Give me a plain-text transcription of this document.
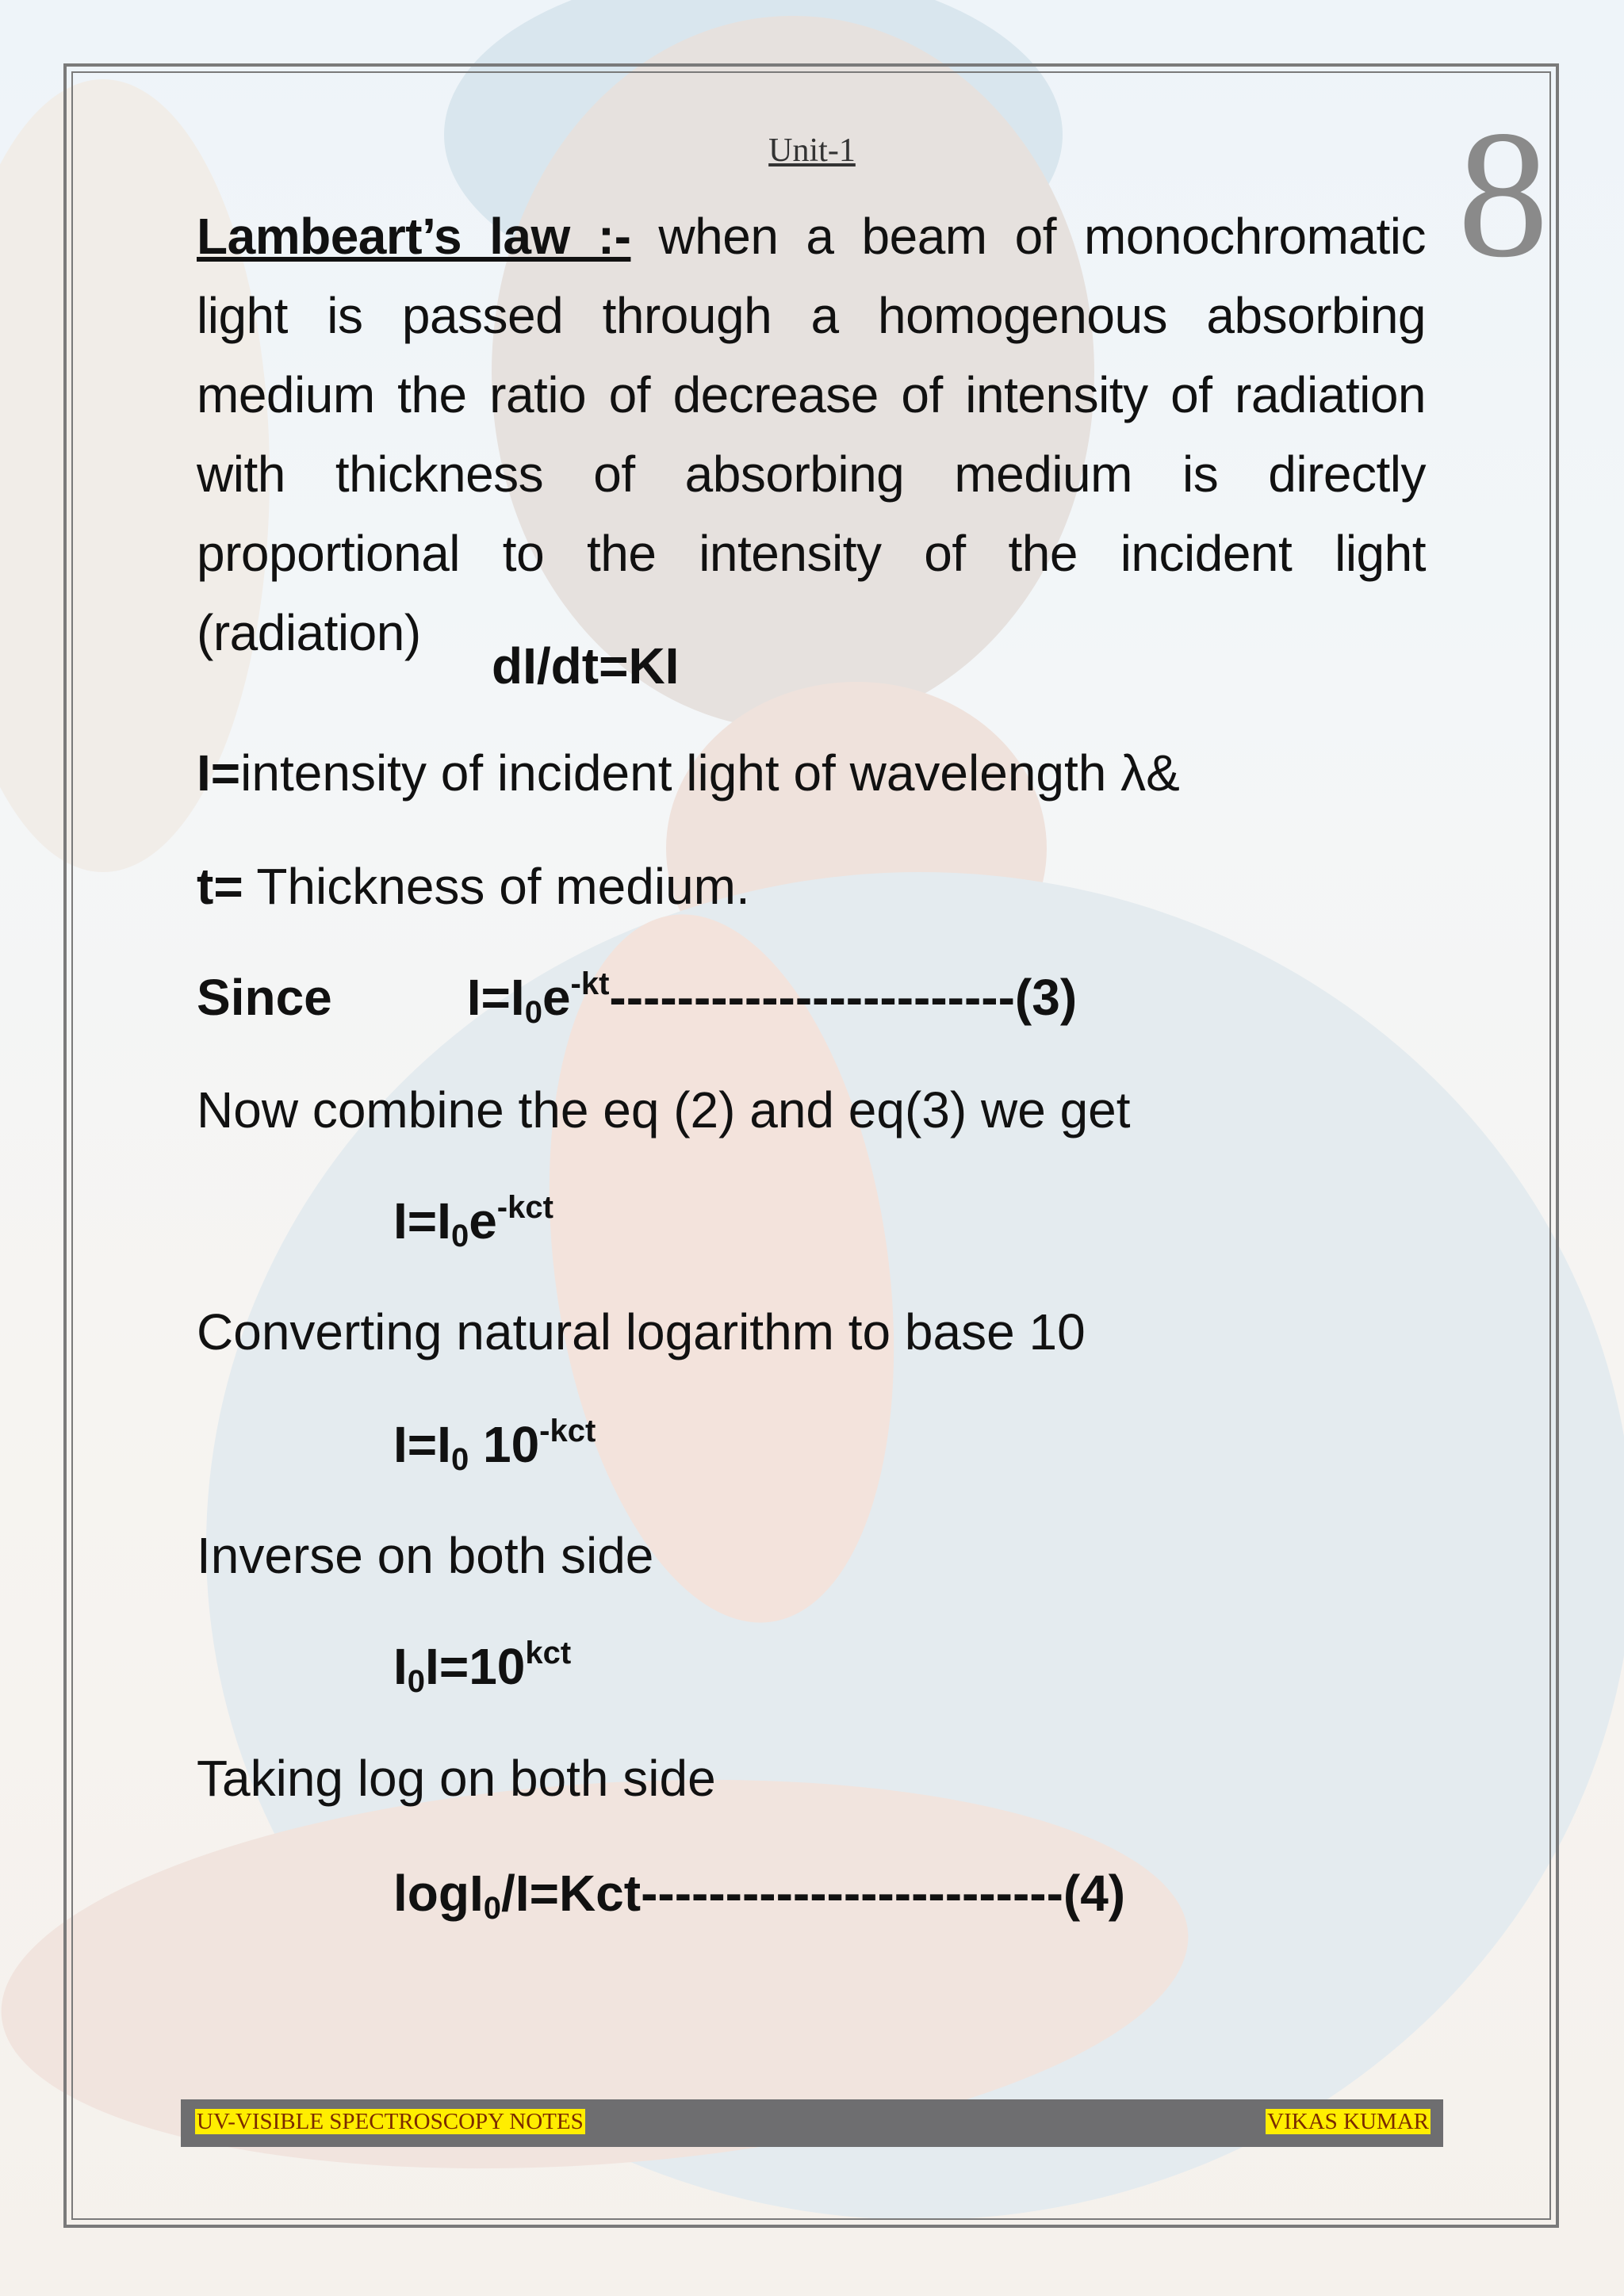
Unit-1	8
Lambeart’s law :- when a beam of monochromatic light is passed through a homogenous absorbing medium the ratio of decrease of intensity of radiation with thickness of absorbing medium is directly proportional to the intensity of the incident light (radiation)
dI/dt=KI
I=intensity of incident light of wavelength λ&
t= Thickness of medium.
Since	$I=I_0e^{-kt}------------------------(3)$
Now combine the eq (2) and eq(3) we get
$I=I_0e^{-kct}$
Converting natural logarithm to base 10
$I=I_0$ $10^{-kct}$
Inverse on both side
$I_0I=10^{kct}$
Taking log on both side
logI$_0$/I=Kct-------------------------(4)
UV-VISIBLE SPECTROSCOPY NOTES	VIKAS KUMAR
